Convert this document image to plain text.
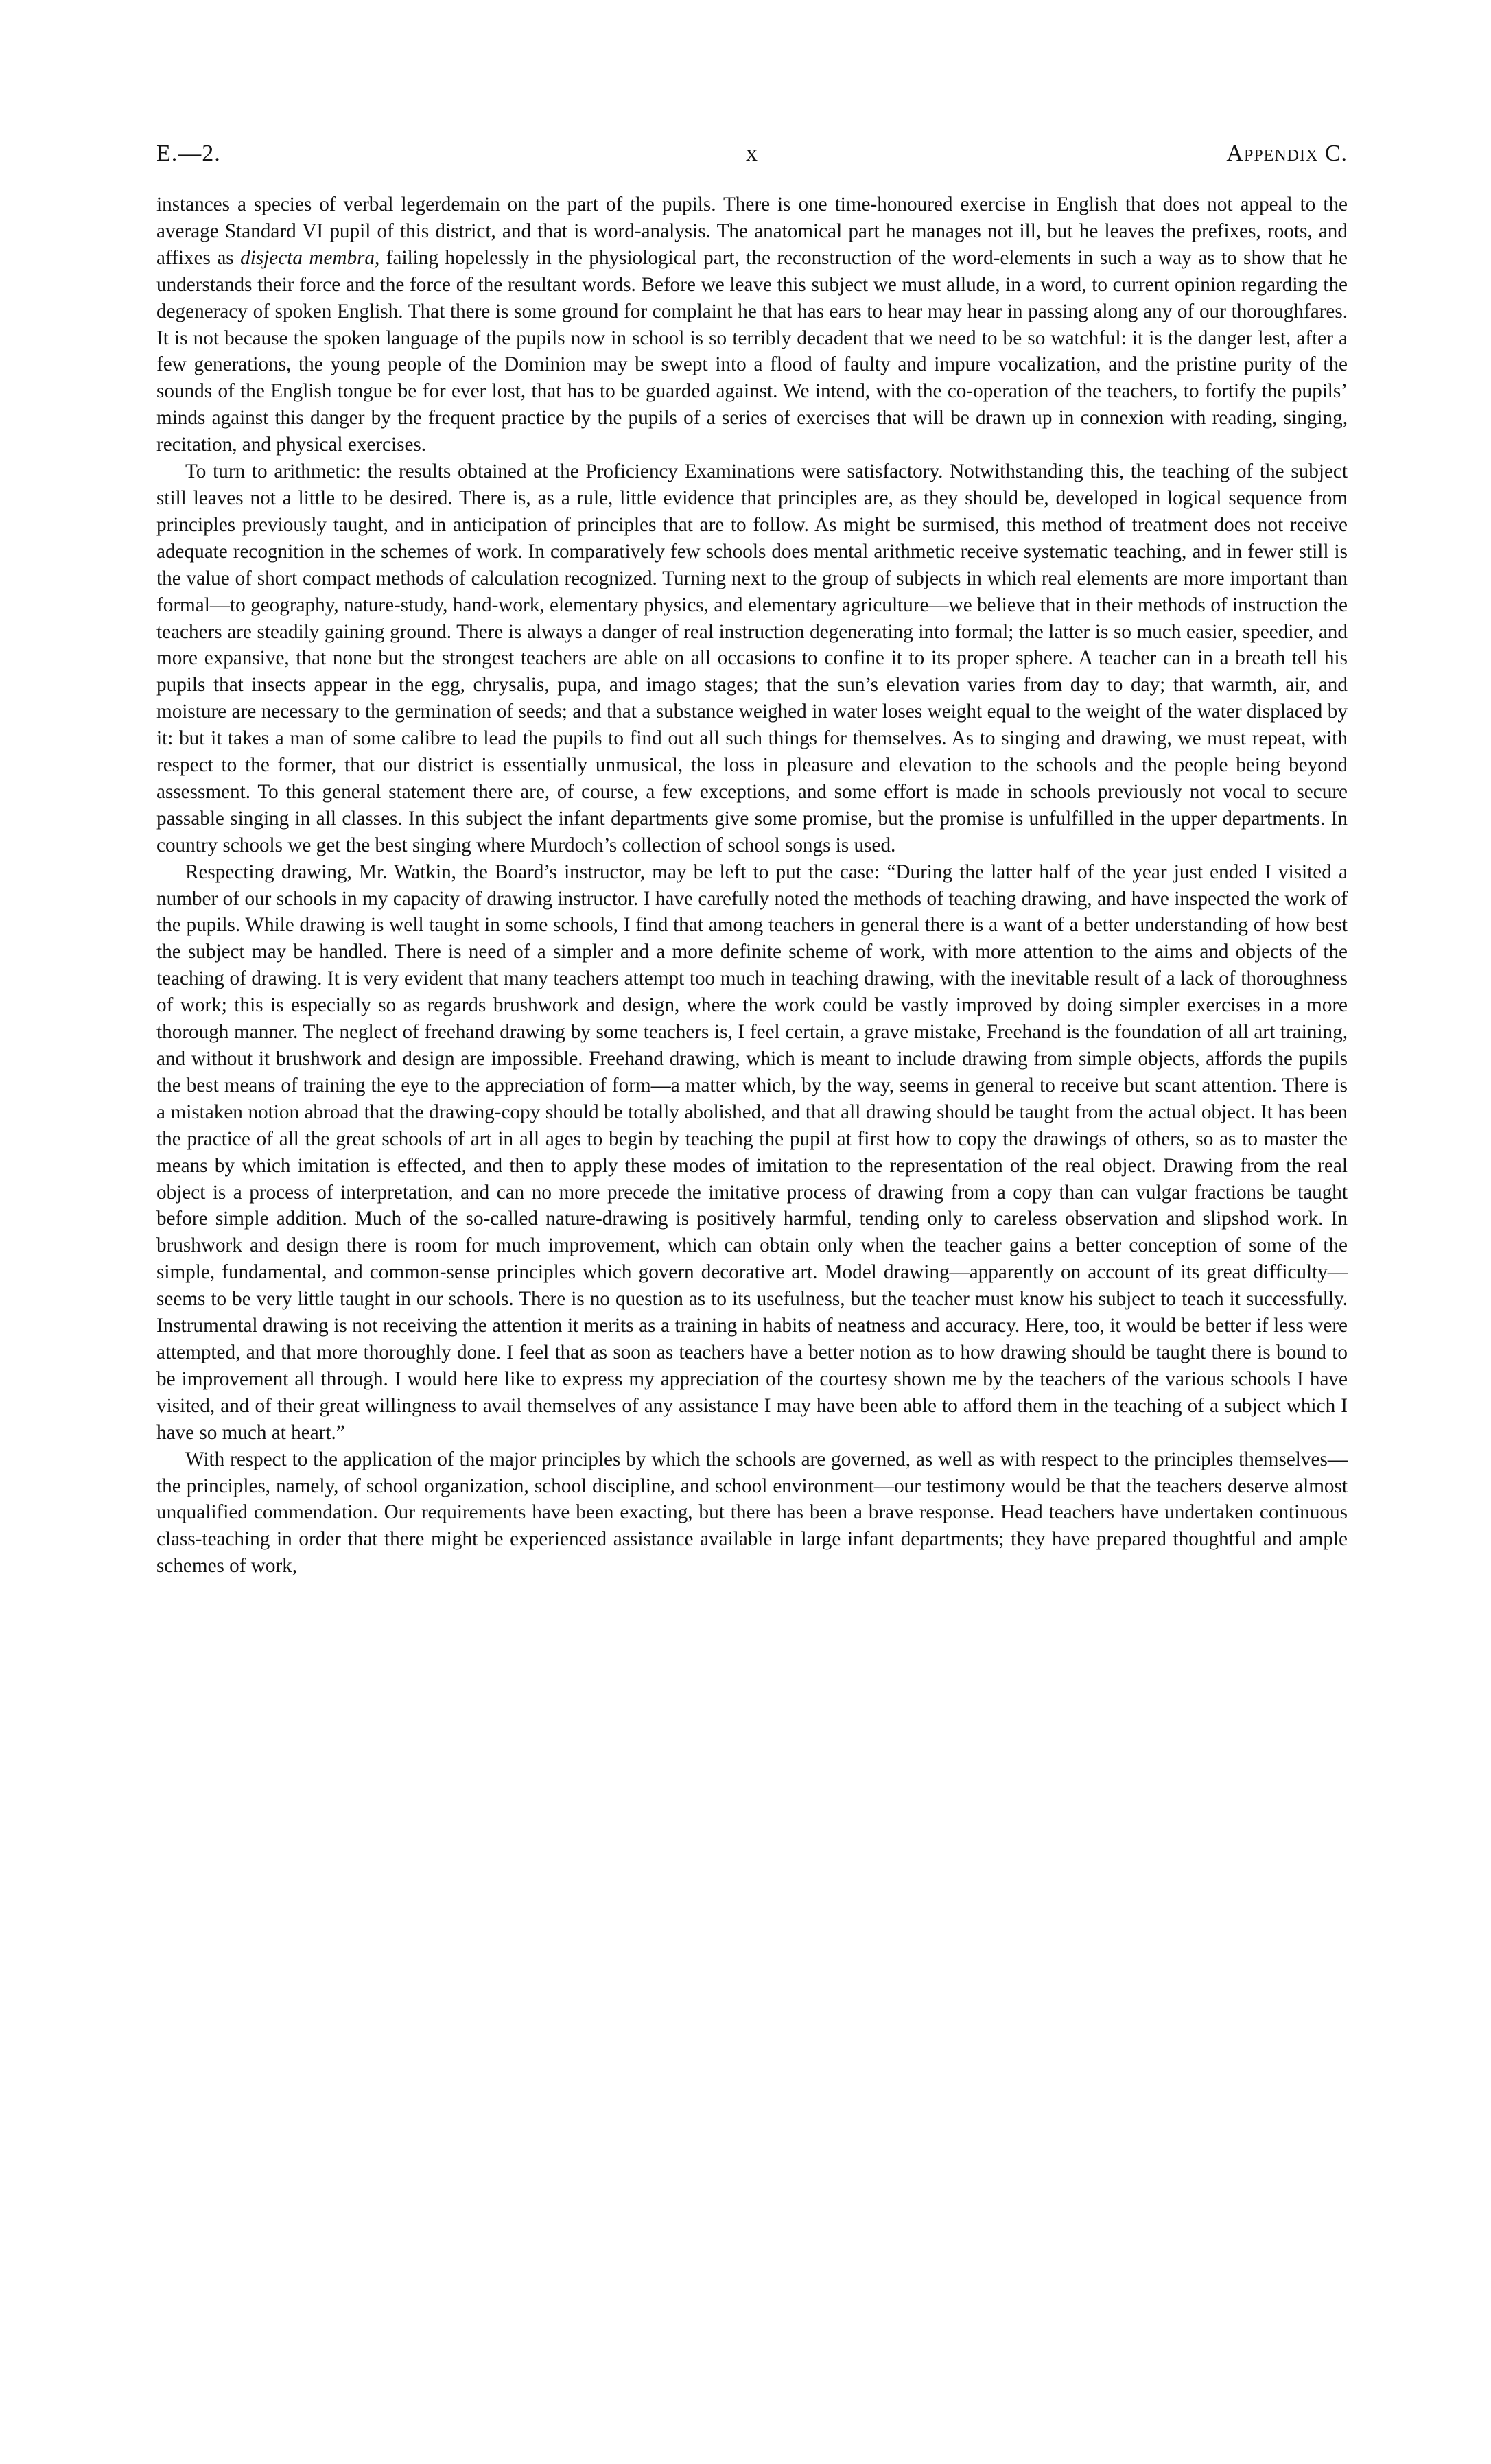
E.—2.	x	Appendix C.

instances a species of verbal legerdemain on the part of the pupils. There is one time-honoured exercise in English that does not appeal to the average Standard VI pupil of this district, and that is word-analysis. The anatomical part he manages not ill, but he leaves the prefixes, roots, and affixes as disjecta membra, failing hopelessly in the physiological part, the reconstruction of the word-elements in such a way as to show that he understands their force and the force of the resultant words. Before we leave this subject we must allude, in a word, to current opinion regarding the degeneracy of spoken English. That there is some ground for complaint he that has ears to hear may hear in passing along any of our thoroughfares. It is not because the spoken language of the pupils now in school is so terribly decadent that we need to be so watchful: it is the danger lest, after a few generations, the young people of the Dominion may be swept into a flood of faulty and impure vocalization, and the pristine purity of the sounds of the English tongue be for ever lost, that has to be guarded against. We intend, with the co-operation of the teachers, to fortify the pupils’ minds against this danger by the frequent practice by the pupils of a series of exercises that will be drawn up in connexion with reading, singing, recitation, and physical exercises.

To turn to arithmetic: the results obtained at the Proficiency Examinations were satisfactory. Notwithstanding this, the teaching of the subject still leaves not a little to be desired. There is, as a rule, little evidence that principles are, as they should be, developed in logical sequence from principles previously taught, and in anticipation of principles that are to follow. As might be surmised, this method of treatment does not receive adequate recognition in the schemes of work. In comparatively few schools does mental arithmetic receive systematic teaching, and in fewer still is the value of short compact methods of calculation recognized. Turning next to the group of subjects in which real elements are more important than formal—to geography, nature-study, hand-work, elementary physics, and elementary agriculture—we believe that in their methods of instruction the teachers are steadily gaining ground. There is always a danger of real instruction degenerating into formal; the latter is so much easier, speedier, and more expansive, that none but the strongest teachers are able on all occasions to confine it to its proper sphere. A teacher can in a breath tell his pupils that insects appear in the egg, chrysalis, pupa, and imago stages; that the sun’s elevation varies from day to day; that warmth, air, and moisture are necessary to the germination of seeds; and that a substance weighed in water loses weight equal to the weight of the water displaced by it: but it takes a man of some calibre to lead the pupils to find out all such things for themselves. As to singing and drawing, we must repeat, with respect to the former, that our district is essentially unmusical, the loss in pleasure and elevation to the schools and the people being beyond assessment. To this general statement there are, of course, a few exceptions, and some effort is made in schools previously not vocal to secure passable singing in all classes. In this subject the infant departments give some promise, but the promise is unfulfilled in the upper departments. In country schools we get the best singing where Murdoch’s collection of school songs is used.

Respecting drawing, Mr. Watkin, the Board’s instructor, may be left to put the case: “During the latter half of the year just ended I visited a number of our schools in my capacity of drawing instructor. I have carefully noted the methods of teaching drawing, and have inspected the work of the pupils. While drawing is well taught in some schools, I find that among teachers in general there is a want of a better understanding of how best the subject may be handled. There is need of a simpler and a more definite scheme of work, with more attention to the aims and objects of the teaching of drawing. It is very evident that many teachers attempt too much in teaching drawing, with the inevitable result of a lack of thoroughness of work; this is especially so as regards brushwork and design, where the work could be vastly improved by doing simpler exercises in a more thorough manner. The neglect of freehand drawing by some teachers is, I feel certain, a grave mistake, Freehand is the foundation of all art training, and without it brushwork and design are impossible. Freehand drawing, which is meant to include drawing from simple objects, affords the pupils the best means of training the eye to the appreciation of form—a matter which, by the way, seems in general to receive but scant attention. There is a mistaken notion abroad that the drawing-copy should be totally abolished, and that all drawing should be taught from the actual object. It has been the practice of all the great schools of art in all ages to begin by teaching the pupil at first how to copy the drawings of others, so as to master the means by which imitation is effected, and then to apply these modes of imitation to the representation of the real object. Drawing from the real object is a process of interpretation, and can no more precede the imitative process of drawing from a copy than can vulgar fractions be taught before simple addition. Much of the so-called nature-drawing is positively harmful, tending only to careless observation and slipshod work. In brushwork and design there is room for much improvement, which can obtain only when the teacher gains a better conception of some of the simple, fundamental, and common-sense principles which govern decorative art. Model drawing—apparently on account of its great difficulty—seems to be very little taught in our schools. There is no question as to its usefulness, but the teacher must know his subject to teach it successfully. Instrumental drawing is not receiving the attention it merits as a training in habits of neatness and accuracy. Here, too, it would be better if less were attempted, and that more thoroughly done. I feel that as soon as teachers have a better notion as to how drawing should be taught there is bound to be improvement all through. I would here like to express my appreciation of the courtesy shown me by the teachers of the various schools I have visited, and of their great willingness to avail themselves of any assistance I may have been able to afford them in the teaching of a subject which I have so much at heart.”

With respect to the application of the major principles by which the schools are governed, as well as with respect to the principles themselves—the principles, namely, of school organization, school discipline, and school environment—our testimony would be that the teachers deserve almost unqualified commendation. Our requirements have been exacting, but there has been a brave response. Head teachers have undertaken continuous class-teaching in order that there might be experienced assistance available in large infant departments; they have prepared thoughtful and ample schemes of work,
